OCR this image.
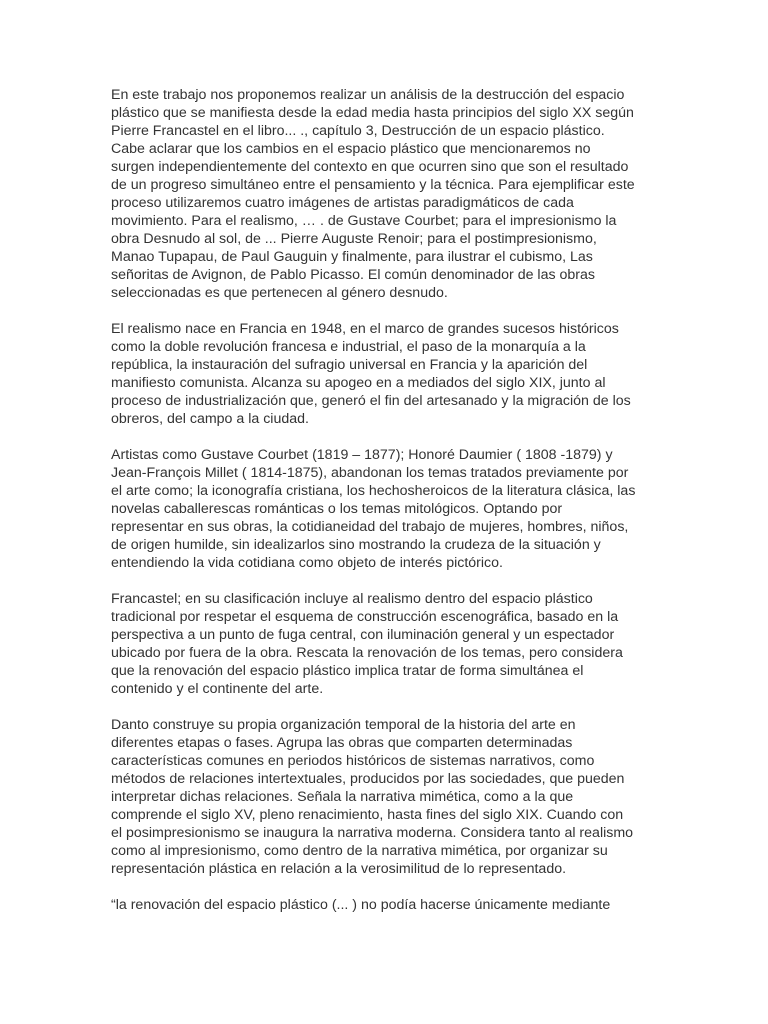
En este trabajo nos proponemos realizar un análisis de la destrucción del espacio
plástico que se manifiesta desde la edad media hasta principios del siglo XX según
Pierre Francastel en el libro... ., capítulo 3, Destrucción de un espacio plástico.
Cabe aclarar que los cambios en el espacio plástico que mencionaremos no
surgen independientemente del contexto en que ocurren sino que son el resultado
de un progreso simultáneo entre el pensamiento y la técnica. Para ejemplificar este
proceso utilizaremos cuatro imágenes de artistas paradigmáticos de cada
movimiento. Para el realismo, … . de Gustave Courbet; para el impresionismo la
obra Desnudo al sol, de ... Pierre Auguste Renoir; para el postimpresionismo,
Manao Tupapau, de Paul Gauguin y finalmente, para ilustrar el cubismo, Las
señoritas de Avignon, de Pablo Picasso. El común denominador de las obras
seleccionadas es que pertenecen al género desnudo.
El realismo nace en Francia en 1948, en el marco de grandes sucesos históricos
como la doble revolución francesa e industrial, el paso de la monarquía a la
república, la instauración del sufragio universal en Francia y la aparición del
manifiesto comunista. Alcanza su apogeo en a mediados del siglo XIX, junto al
proceso de industrialización que, generó el fin del artesanado y la migración de los
obreros, del campo a la ciudad.
Artistas como Gustave Courbet (1819 – 1877); Honoré Daumier ( 1808 -1879) y
Jean-François Millet ( 1814-1875), abandonan los temas tratados previamente por
el arte como; la iconografía cristiana, los hechosheroicos de la literatura clásica, las
novelas caballerescas románticas o los temas mitológicos. Optando por
representar en sus obras, la cotidianeidad del trabajo de mujeres, hombres, niños,
de origen humilde, sin idealizarlos sino mostrando la crudeza de la situación y
entendiendo la vida cotidiana como objeto de interés pictórico.
Francastel; en su clasificación incluye al realismo dentro del espacio plástico
tradicional por respetar el esquema de construcción escenográfica, basado en la
perspectiva a un punto de fuga central, con iluminación general y un espectador
ubicado por fuera de la obra. Rescata la renovación de los temas, pero considera
que la renovación del espacio plástico implica tratar de forma simultánea el
contenido y el continente del arte.
Danto construye su propia organización temporal de la historia del arte en
diferentes etapas o fases. Agrupa las obras que comparten determinadas
características comunes en periodos históricos de sistemas narrativos, como
métodos de relaciones intertextuales, producidos por las sociedades, que pueden
interpretar dichas relaciones. Señala la narrativa mimética, como a la que
comprende el siglo XV, pleno renacimiento, hasta fines del siglo XIX. Cuando con
el posimpresionismo se inaugura la narrativa moderna. Considera tanto al realismo
como al impresionismo, como dentro de la narrativa mimética, por organizar su
representación plástica en relación a la verosimilitud de lo representado.
“la renovación del espacio plástico (... ) no podía hacerse únicamente mediante
